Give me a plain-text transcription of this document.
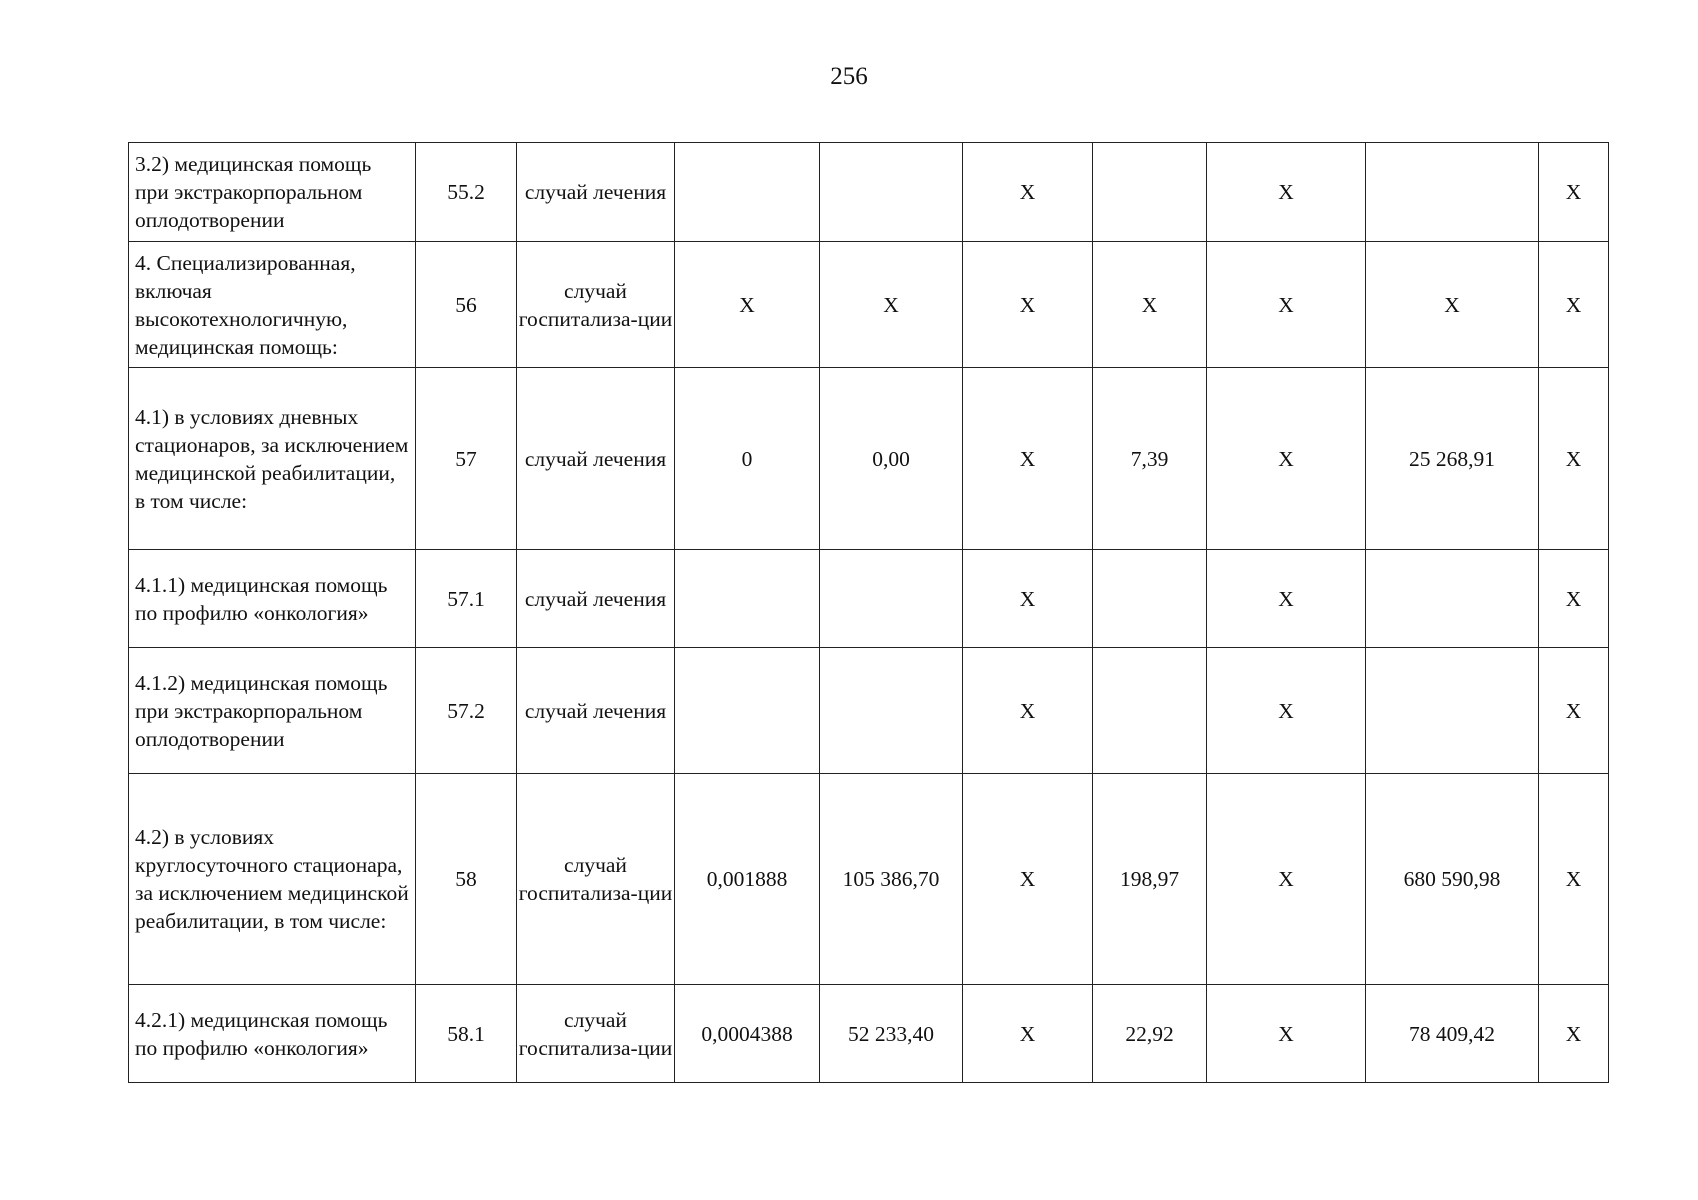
256
3.2) медицинская помощь при экстракорпоральном оплодотворении	55.2	случай лечения			X		X		X
4. Специализированная, включая высокотехнологичную, медицинская помощь:	56	случай госпитализа-ции	X	X	X	X	X	X	X
4.1) в условиях дневных стационаров, за исключением медицинской реабилитации, в том числе:	57	случай лечения	0	0,00	X	7,39	X	25 268,91	X
4.1.1) медицинская помощь по профилю «онкология»	57.1	случай лечения			X		X		X
4.1.2) медицинская помощь при экстракорпоральном оплодотворении	57.2	случай лечения			X		X		X
4.2) в условиях круглосуточного стационара, за исключением медицинской реабилитации, в том числе:	58	случай госпитализа-ции	0,001888	105 386,70	X	198,97	X	680 590,98	X
4.2.1) медицинская помощь по профилю «онкология»	58.1	случай госпитализа-ции	0,0004388	52 233,40	X	22,92	X	78 409,42	X
